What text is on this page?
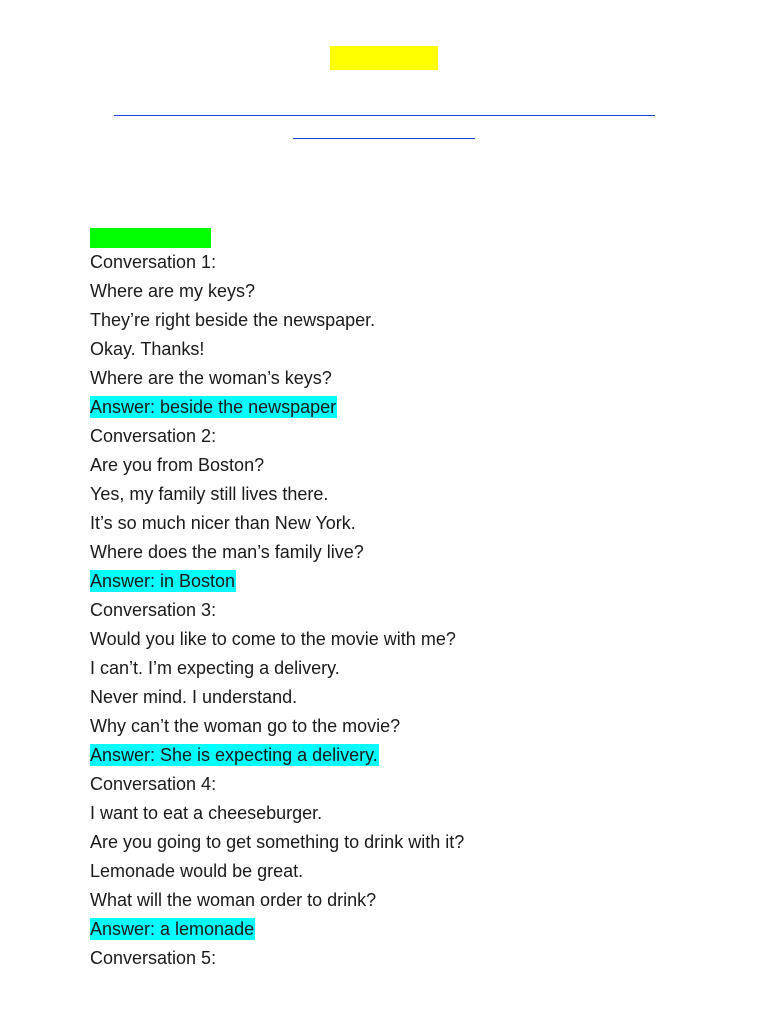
Conversation 1:
Where are my keys?
They’re right beside the newspaper.
Okay. Thanks!
Where are the woman’s keys?
Answer: beside the newspaper
Conversation 2:
Are you from Boston?
Yes, my family still lives there.
It’s so much nicer than New York.
Where does the man’s family live?
Answer: in Boston
Conversation 3:
Would you like to come to the movie with me?
I can’t. I’m expecting a delivery.
Never mind. I understand.
Why can’t the woman go to the movie?
Answer: She is expecting a delivery.
Conversation 4:
I want to eat a cheeseburger.
Are you going to get something to drink with it?
Lemonade would be great.
What will the woman order to drink?
Answer: a lemonade
Conversation 5:
